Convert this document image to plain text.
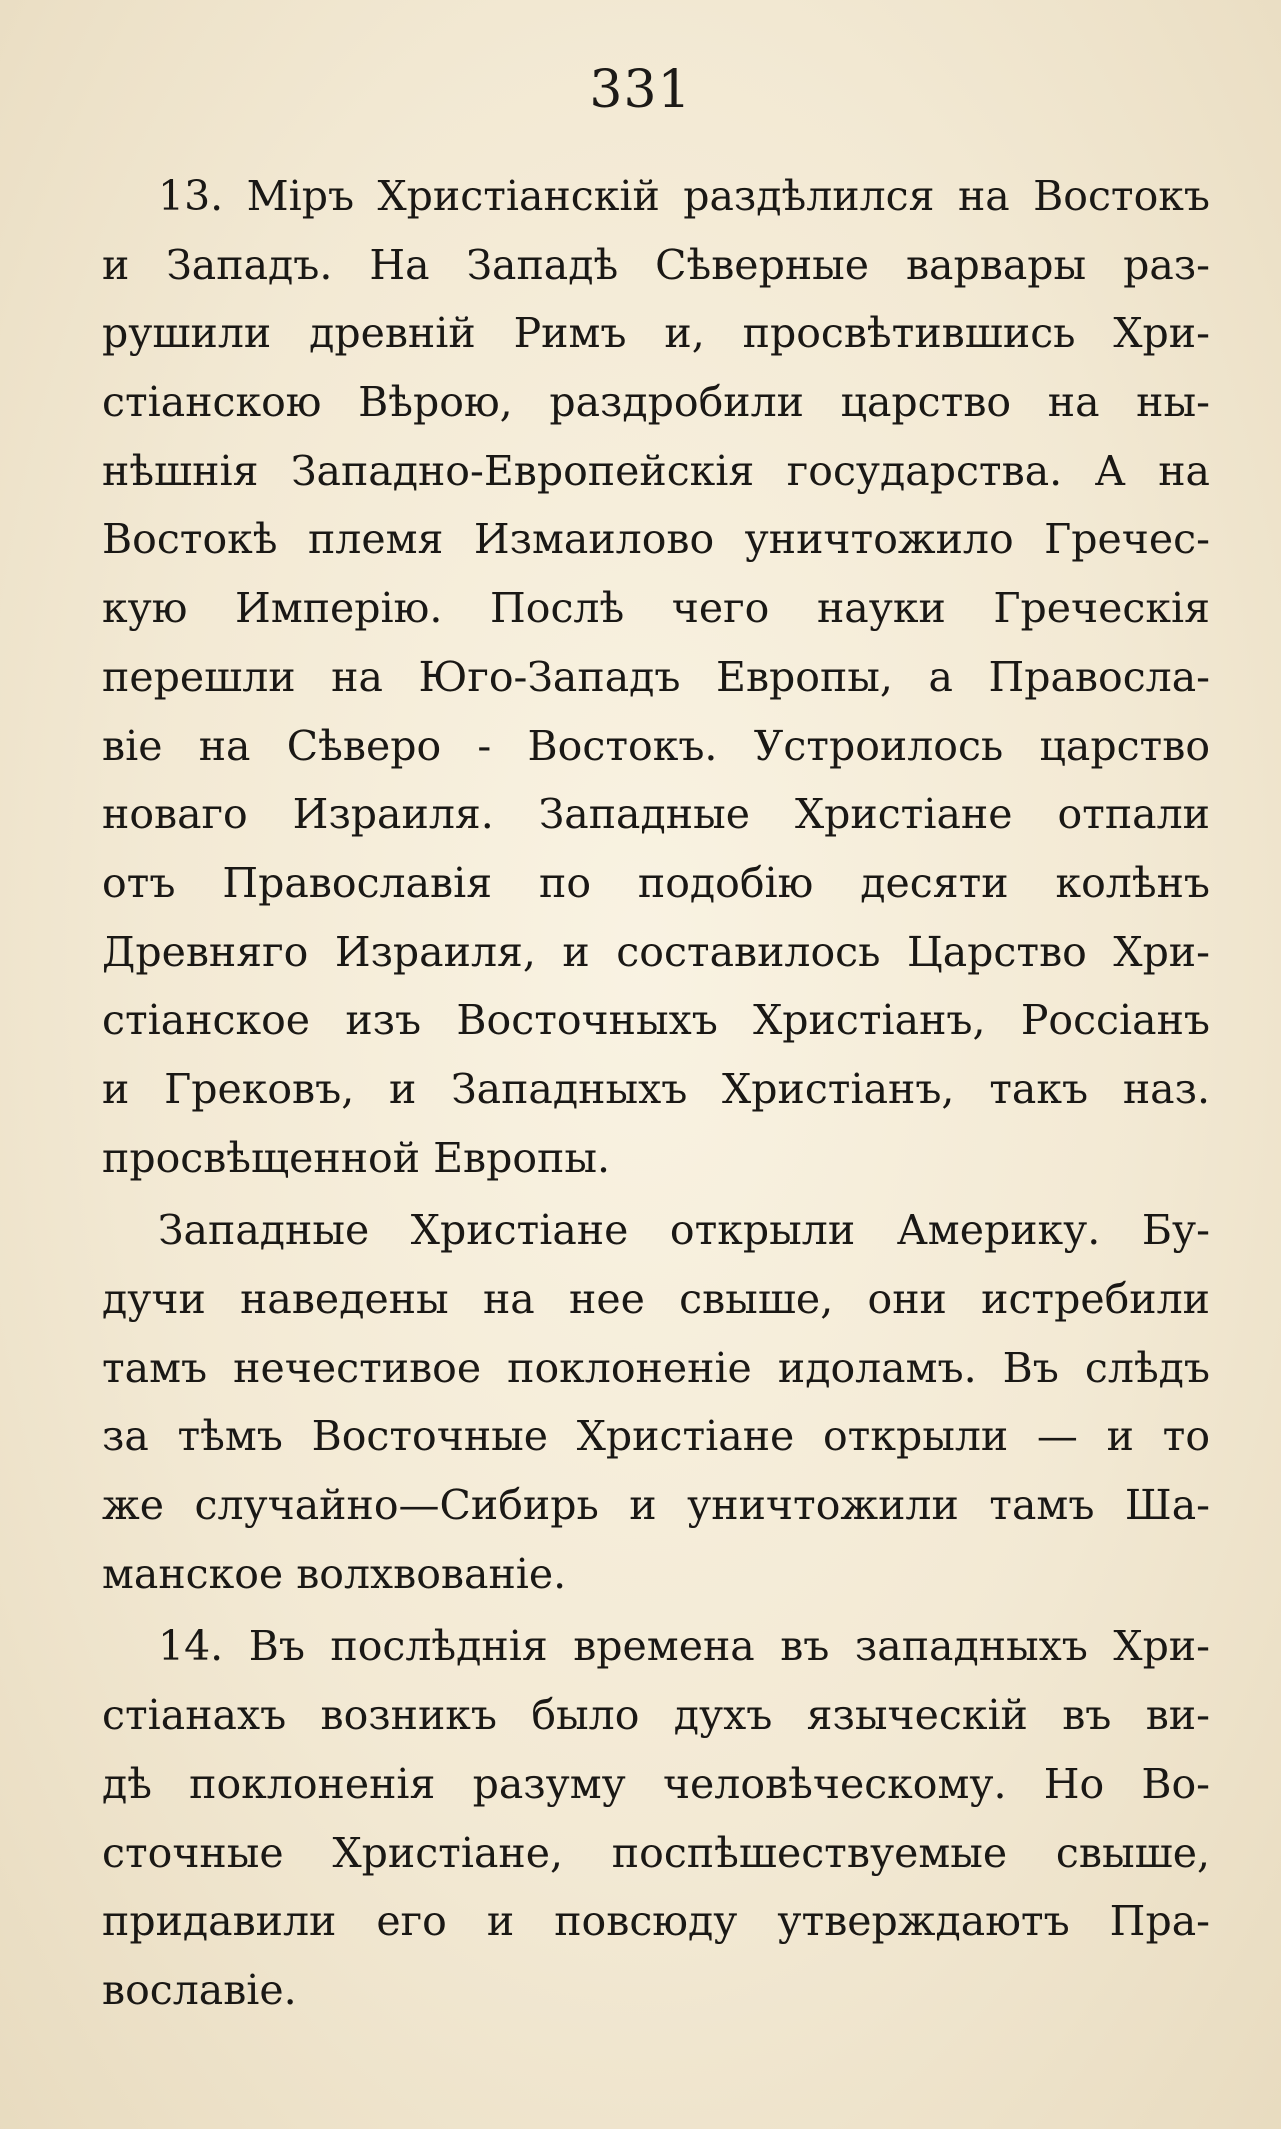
331
13. Міръ Христіанскій раздѣлился на Востокъ
и Западъ. На Западѣ Сѣверные варвары раз-
рушили древній Римъ и, просвѣтившись Хри-
стіанскою Вѣрою, раздробили царство на ны-
нѣшнія Западно-Европейскія государства. А на
Востокѣ племя Измаилово уничтожило Гречес-
кую Имперію. Послѣ чего науки Греческія
перешли на Юго-Западъ Европы, а Правосла-
віе на Сѣверо - Востокъ. Устроилось царство
новаго Израиля. Западные Христіане отпали
отъ Православія по подобію десяти колѣнъ
Древняго Израиля, и составилось Царство Хри-
стіанское изъ Восточныхъ Христіанъ, Россіанъ
и Грековъ, и Западныхъ Христіанъ, такъ наз.
просвѣщенной Европы.
Западные Христіане открыли Америку. Бу-
дучи наведены на нее свыше, они истребили
тамъ нечестивое поклоненіе идоламъ. Въ слѣдъ
за тѣмъ Восточные Христіане открыли — и то
же случайно—Сибирь и уничтожили тамъ Ша-
манское волхвованіе.
14. Въ послѣднія времена въ западныхъ Хри-
стіанахъ возникъ было духъ языческій въ ви-
дѣ поклоненія разуму человѣческому. Но Во-
сточные Христіане, поспѣшествуемые свыше,
придавили его и повсюду утверждаютъ Пра-
вославіе.
